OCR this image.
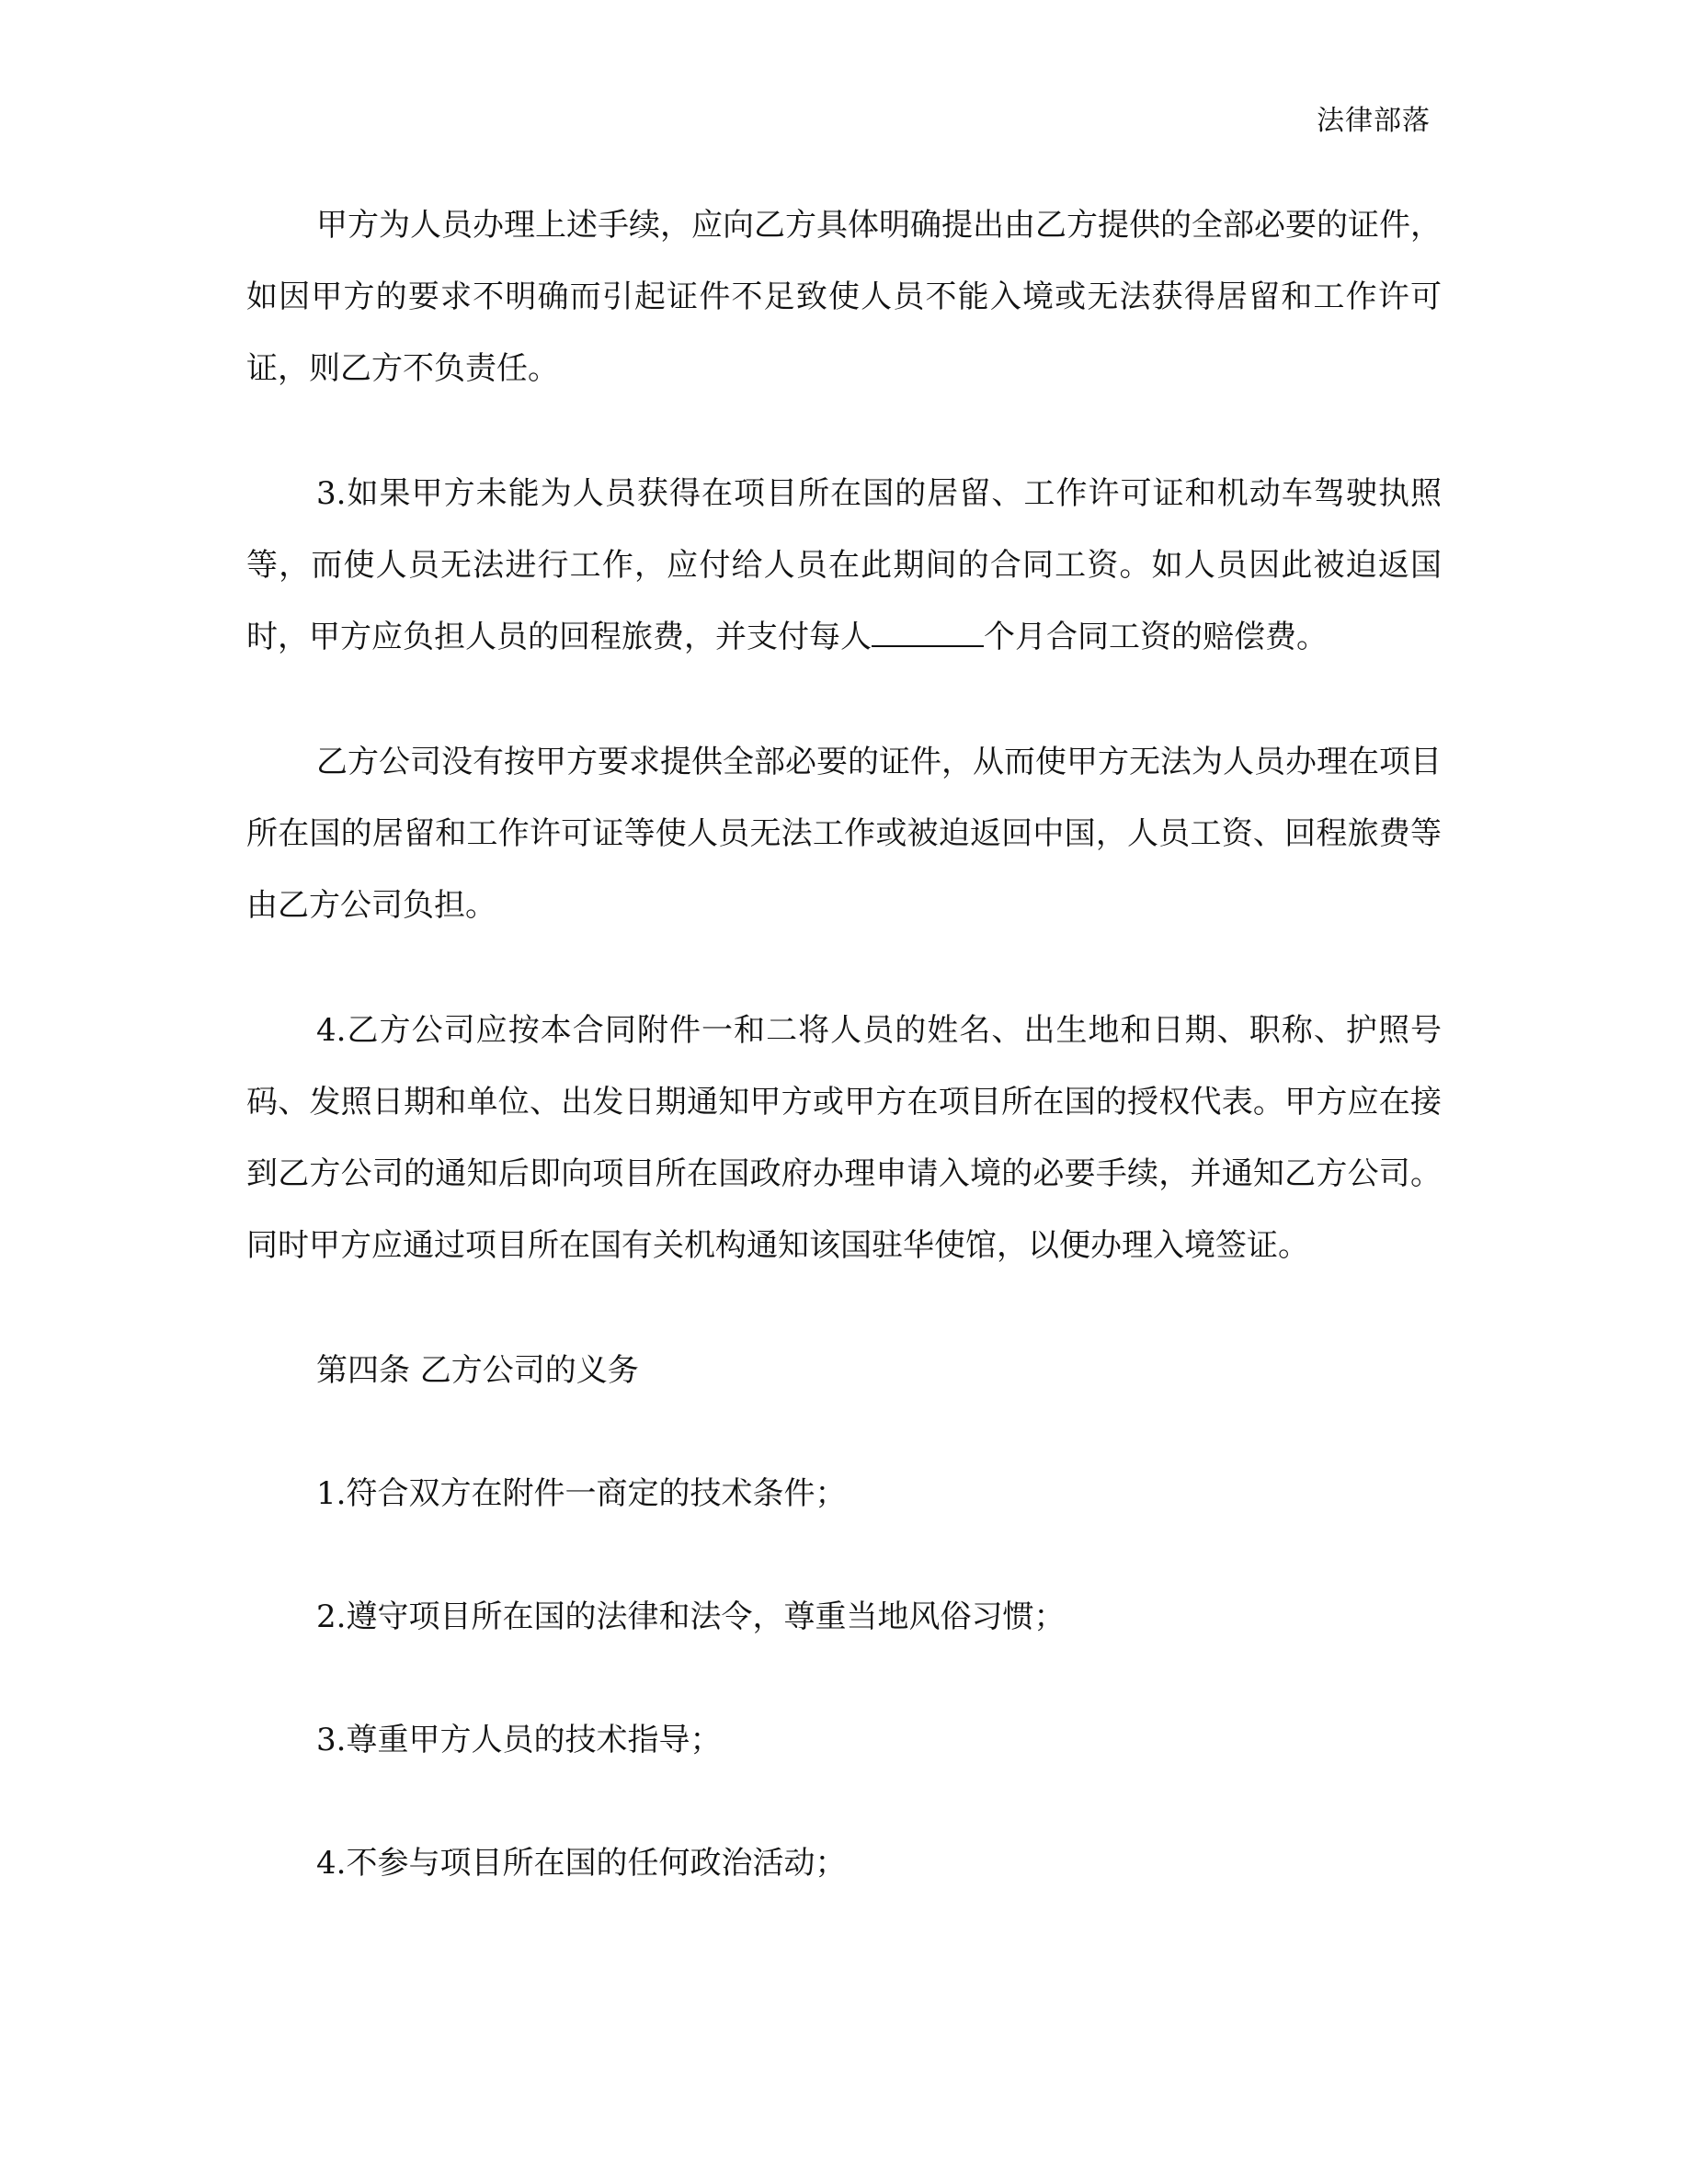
法律部落

甲方为人员办理上述手续，应向乙方具体明确提出由乙方提供的全部必要的证件，如因甲方的要求不明确而引起证件不足致使人员不能入境或无法获得居留和工作许可证，则乙方不负责任。

3.如果甲方未能为人员获得在项目所在国的居留、工作许可证和机动车驾驶执照等，而使人员无法进行工作，应付给人员在此期间的合同工资。如人员因此被迫返国时，甲方应负担人员的回程旅费，并支付每人	个月合同工资的赔偿费。

乙方公司没有按甲方要求提供全部必要的证件，从而使甲方无法为人员办理在项目所在国的居留和工作许可证等使人员无法工作或被迫返回中国，人员工资、回程旅费等由乙方公司负担。

4.乙方公司应按本合同附件一和二将人员的姓名、出生地和日期、职称、护照号码、发照日期和单位、出发日期通知甲方或甲方在项目所在国的授权代表。甲方应在接到乙方公司的通知后即向项目所在国政府办理申请入境的必要手续，并通知乙方公司。同时甲方应通过项目所在国有关机构通知该国驻华使馆，以便办理入境签证。

第四条 乙方公司的义务

1.符合双方在附件一商定的技术条件；

2.遵守项目所在国的法律和法令，尊重当地风俗习惯；

3.尊重甲方人员的技术指导；

4.不参与项目所在国的任何政治活动；
